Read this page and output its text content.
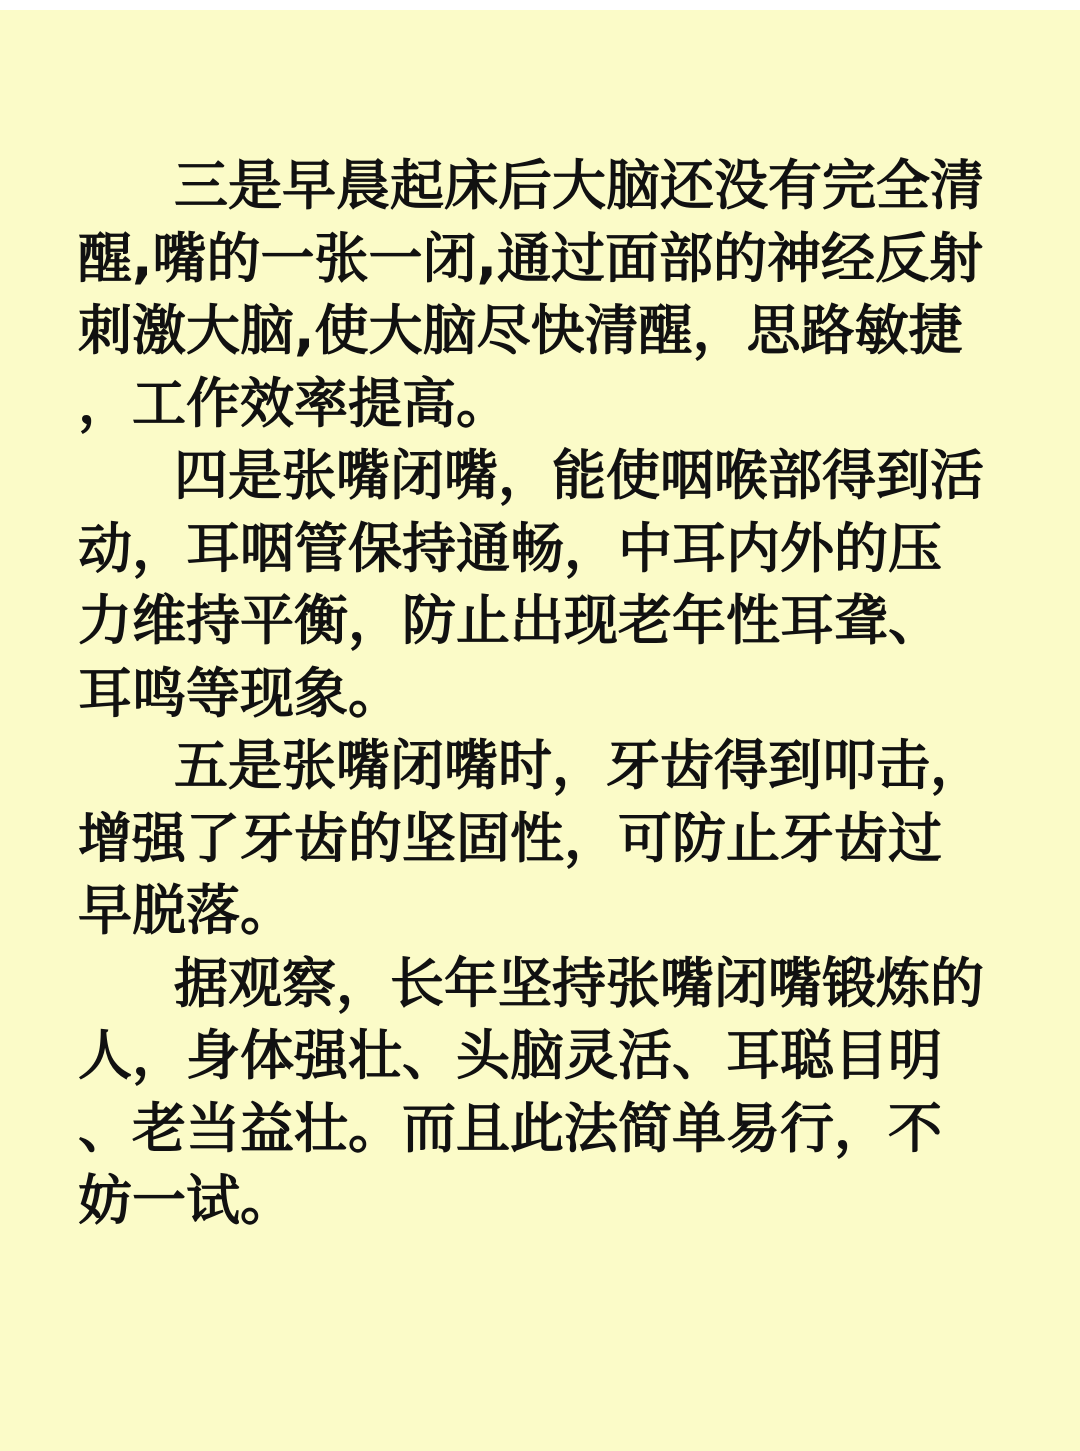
三是早晨起床后大脑还没有完全清
醒,嘴的一张一闭,通过面部的神经反射
刺激大脑,使大脑尽快清醒，思路敏捷
，工作效率提高。
四是张嘴闭嘴，能使咽喉部得到活
动，耳咽管保持通畅，中耳内外的压
力维持平衡，防止出现老年性耳聋、
耳鸣等现象。
五是张嘴闭嘴时，牙齿得到叩击，
增强了牙齿的坚固性，可防止牙齿过
早脱落。
据观察，长年坚持张嘴闭嘴锻炼的
人，身体强壮、头脑灵活、耳聪目明
、老当益壮。而且此法简单易行，不
妨一试。
